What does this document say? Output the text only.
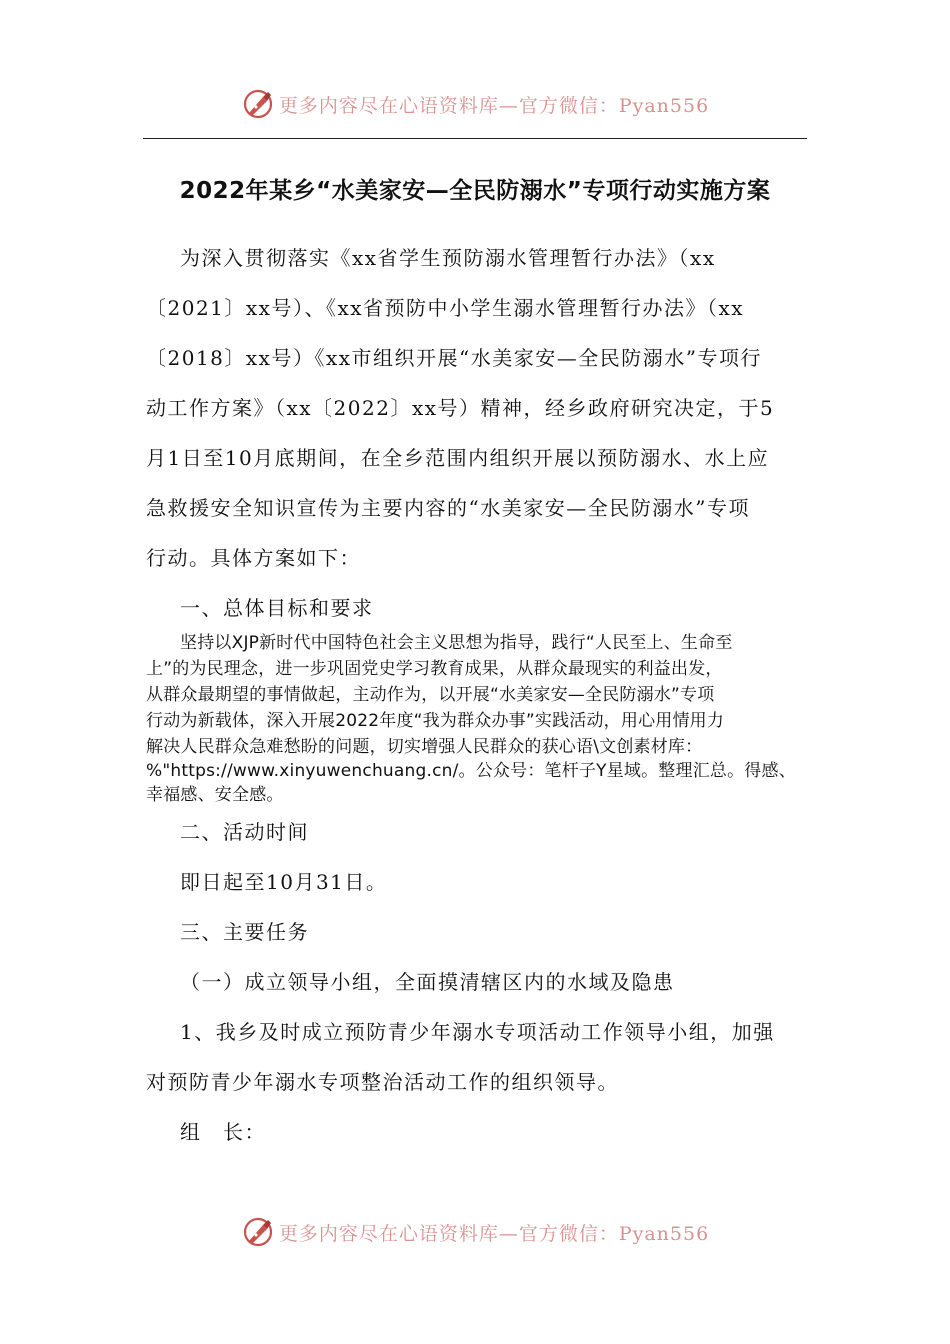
更多内容尽在心语资料库—官方微信：Pyan556
2022年某乡“水美家安—全民防溺水”专项行动实施方案
为深入贯彻落实《xx省学生预防溺水管理暂行办法》（xx
〔2021〕xx号）、《xx省预防中小学生溺水管理暂行办法》（xx
〔2018〕xx号）《xx市组织开展“水美家安—全民防溺水”专项行
动工作方案》（xx〔2022〕xx号）精神，经乡政府研究决定，于5
月1日至10月底期间，在全乡范围内组织开展以预防溺水、水上应
急救援安全知识宣传为主要内容的“水美家安—全民防溺水”专项
行动。具体方案如下：
一、总体目标和要求
坚持以XJP新时代中国特色社会主义思想为指导，践行“人民至上、生命至
上”的为民理念，进一步巩固党史学习教育成果，从群众最现实的利益出发，
从群众最期望的事情做起，主动作为，以开展“水美家安—全民防溺水”专项
行动为新载体，深入开展2022年度“我为群众办事”实践活动，用心用情用力
解决人民群众急难愁盼的问题，切实增强人民群众的获心语\文创素材库：
%"https://www.xinyuwenchuang.cn/。公众号：笔杆子Y星域。整理汇总。得感、
幸福感、安全感。
二、活动时间
即日起至10月31日。
三、主要任务
（一）成立领导小组，全面摸清辖区内的水域及隐患
1、我乡及时成立预防青少年溺水专项活动工作领导小组，加强
对预防青少年溺水专项整治活动工作的组织领导。
组　长：
更多内容尽在心语资料库—官方微信：Pyan556
